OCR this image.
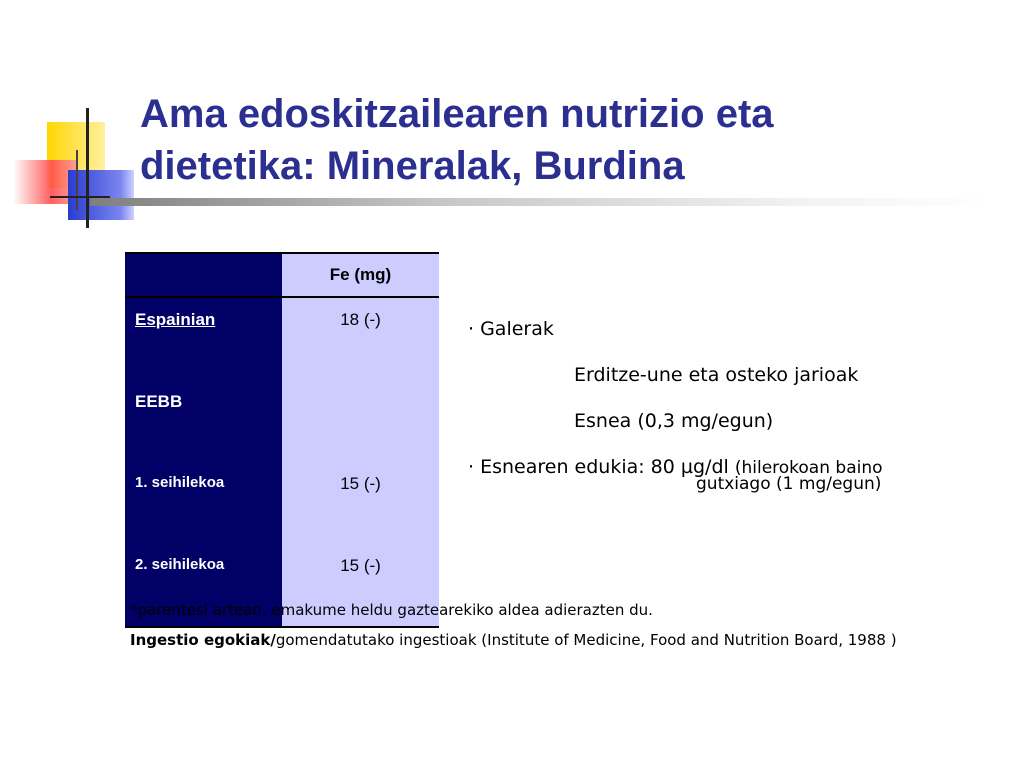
Ama edoskitzailearen nutrizio eta
dietetika: Mineralak, Burdina
	Fe (mg)
Espainian	18 (-)
EEBB	
1. seihilekoa	15 (-)
2. seihilekoa	15 (-)
· Galerak
Erditze-une eta osteko jarioak
Esnea (0,3 mg/egun)
· Esnearen edukia: 80 µg/dl (hilerokoan baino
gutxiago (1 mg/egun)

*parentesi artean, emakume heldu gaztearekiko aldea adierazten du.

Ingestio egokiak/gomendatutako ingestioak (Institute of Medicine, Food and Nutrition Board, 1988 )
